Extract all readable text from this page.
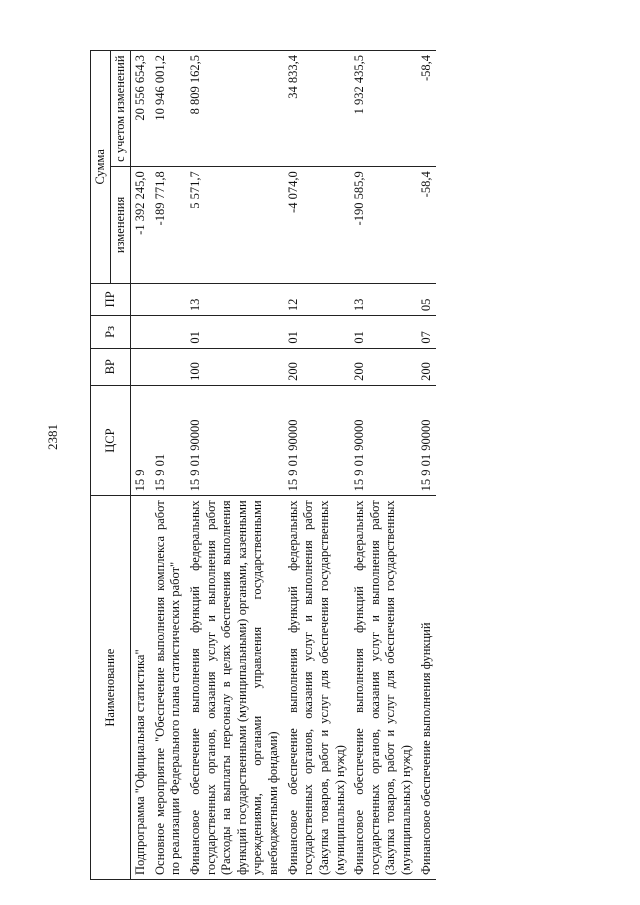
2381
Наименование	ЦСР	ВР	Рз	ПР	Сумма	
					изменения	с учетом изменений
Подпрограмма "Официальная статистика"	15 9				-1 392 245,0	20 556 654,3
Основное мероприятие "Обеспечение выполнения комплекса работ по реализации Федерального плана статистических работ"	15 9 01				-189 771,8	10 946 001,2
Финансовое обеспечение выполнения функций федеральных государственных органов, оказания услуг и выполнения работ (Расходы на выплаты персоналу в целях обеспечения выполнения функций государственными (муниципальными) органами, казенными учреждениями, органами управления государственными внебюджетными фондами)	15 9 01 90000	100	01	13	5 571,7	8 809 162,5
Финансовое обеспечение выполнения функций федеральных государственных органов, оказания услуг и выполнения работ (Закупка товаров, работ и услуг для обеспечения государственных (муниципальных) нужд)	15 9 01 90000	200	01	12	-4 074,0	34 833,4
Финансовое обеспечение выполнения функций федеральных государственных органов, оказания услуг и выполнения работ (Закупка товаров, работ и услуг для обеспечения государственных (муниципальных) нужд)	15 9 01 90000	200	01	13	-190 585,9	1 932 435,5
Финансовое обеспечение выполнения функций	15 9 01 90000	200	07	05	-58,4	-58,4
